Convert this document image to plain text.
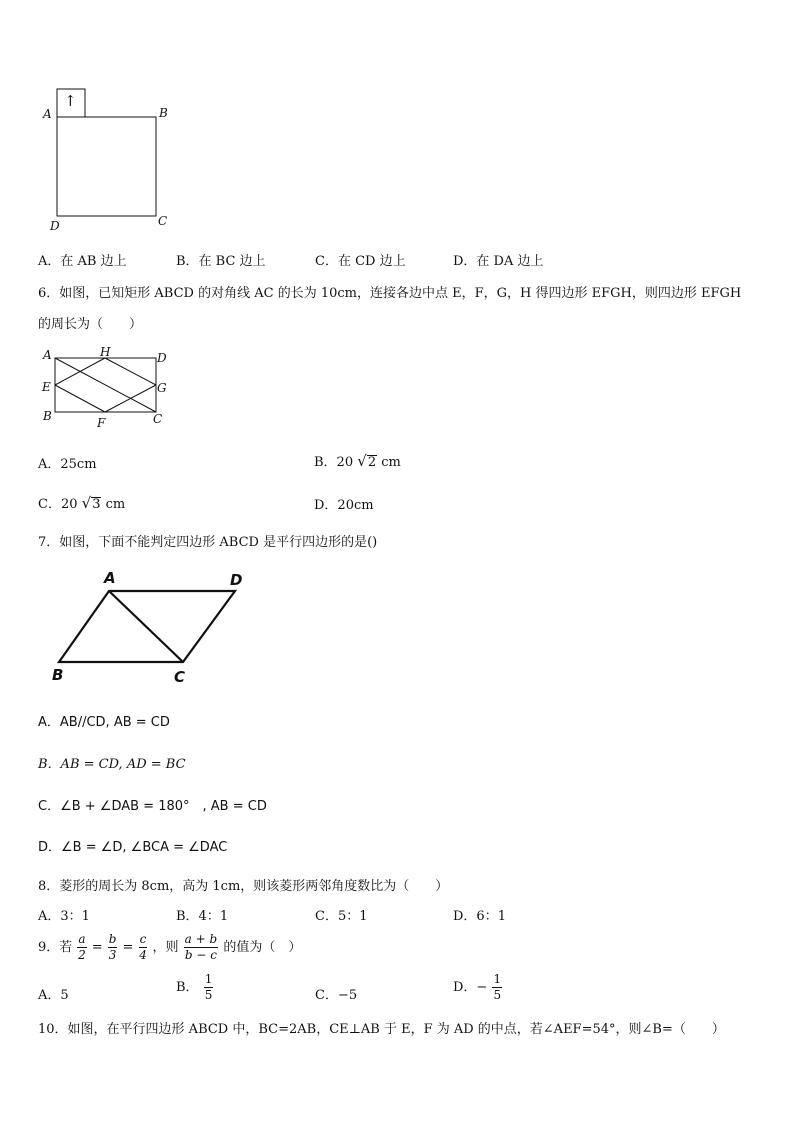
↑
A	B
D	C
A．在 AB 边上	B．在 BC 边上	C．在 CD 边上	D．在 DA 边上
6．如图，已知矩形 ABCD 的对角线 AC 的长为 10cm，连接各边中点 E，F，G，H 得四边形 EFGH，则四边形 EFGH
的周长为（　　）
A	H	D
E	G
B	F	C
A．25cm	B．20 √2 cm
C．20 √3 cm	D．20cm
7．如图，下面不能判定四边形 ABCD 是平行四边形的是()
A	D
B	C
A．AB//CD, AB = CD
B．AB = CD, AD = BC
C．∠B + ∠DAB = 180°　, AB = CD
D．∠B = ∠D, ∠BCA = ∠DAC
8．菱形的周长为 8cm，高为 1cm，则该菱形两邻角度数比为（　　）
A．3：1	B．4：1	C．5：1	D．6：1
9．若 $\frac{a}{2} = \frac{b}{3} = \frac{c}{4}$ ，则 $\frac{a + b}{b - c}$ 的值为（　）
A．5
B． $\frac{1}{5}$	C．−5
D．− $\frac{1}{5}$
10．如图，在平行四边形 ABCD 中，BC=2AB，CE⊥AB 于 E，F 为 AD 的中点，若∠AEF=54°，则∠B=（　　）
